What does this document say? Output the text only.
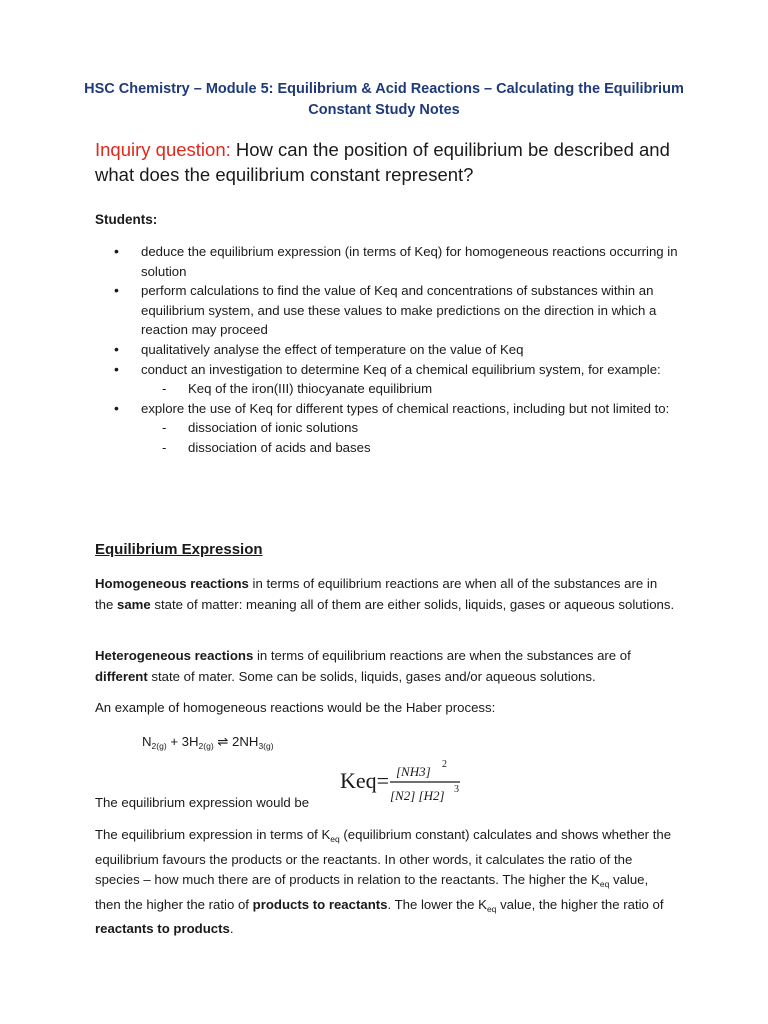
HSC Chemistry – Module 5: Equilibrium & Acid Reactions – Calculating the Equilibrium Constant Study Notes
Inquiry question: How can the position of equilibrium be described and what does the equilibrium constant represent?
Students:
• deduce the equilibrium expression (in terms of Keq) for homogeneous reactions occurring in solution
• perform calculations to find the value of Keq and concentrations of substances within an equilibrium system, and use these values to make predictions on the direction in which a reaction may proceed
• qualitatively analyse the effect of temperature on the value of Keq
• conduct an investigation to determine Keq of a chemical equilibrium system, for example:
- Keq of the iron(III) thiocyanate equilibrium
• explore the use of Keq for different types of chemical reactions, including but not limited to:
- dissociation of ionic solutions
- dissociation of acids and bases
Equilibrium Expression

Homogeneous reactions in terms of equilibrium reactions are when all of the substances are in the same state of matter: meaning all of them are either solids, liquids, gases or aqueous solutions.

Heterogeneous reactions in terms of equilibrium reactions are when the substances are of different state of mater. Some can be solids, liquids, gases and/or aqueous solutions.

An example of homogeneous reactions would be the Haber process:

$N_{2(g)} + 3H_{2(g)}$ ⇌ $2NH_{3(g)}$
The equilibrium expression would be
Keq= [NH3] 2
[N2] [H2] 3

The equilibrium expression in terms of $K_{eq}$ (equilibrium constant) calculates and shows whether the equilibrium favours the products or the reactants. In other words, it calculates the ratio of the species – how much there are of products in relation to the reactants. The higher the $K_{eq}$ value, then the higher the ratio of products to reactants. The lower the $K_{eq}$ value, the higher the ratio of reactants to products.
